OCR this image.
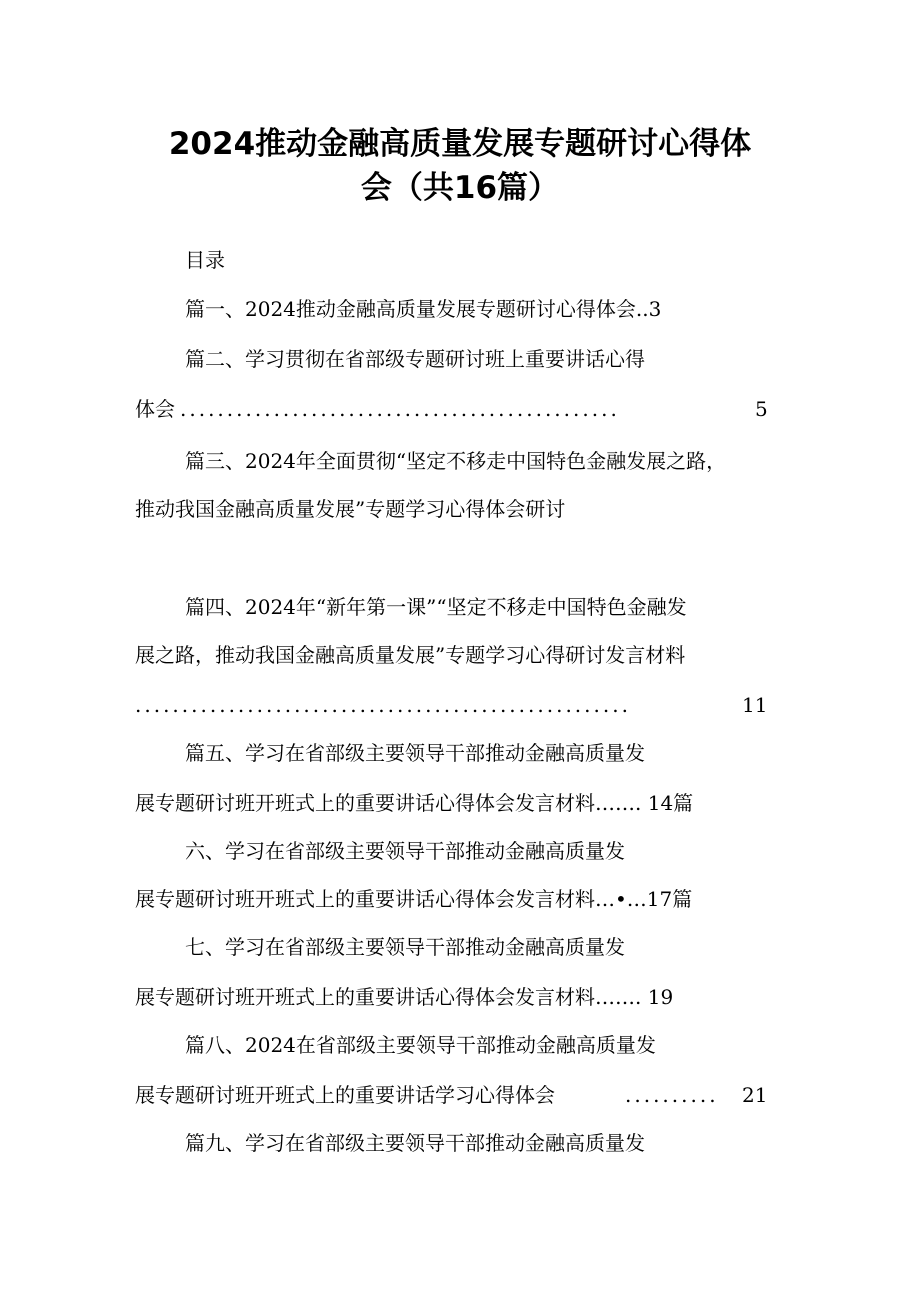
2024推动金融高质量发展专题研讨心得体
会（共16篇）
目录
篇一、2024推动金融高质量发展专题研讨心得体会..3
篇二、学习贯彻在省部级专题研讨班上重要讲话心得
体会 ...............................................	5
篇三、2024年全面贯彻“坚定不移走中国特色金融发展之路，
推动我国金融高质量发展”专题学习心得体会研讨
篇四、2024年“新年第一课”“坚定不移走中国特色金融发
展之路，推动我国金融高质量发展”专题学习心得研讨发言材料
.....................................................	11
篇五、学习在省部级主要领导干部推动金融高质量发
展专题研讨班开班式上的重要讲话心得体会发言材料……. 14篇
六、学习在省部级主要领导干部推动金融高质量发
展专题研讨班开班式上的重要讲话心得体会发言材料…•…17篇
七、学习在省部级主要领导干部推动金融高质量发
展专题研讨班开班式上的重要讲话心得体会发言材料……. 19
篇八、2024在省部级主要领导干部推动金融高质量发
展专题研讨班开班式上的重要讲话学习心得体会	..........	21
篇九、学习在省部级主要领导干部推动金融高质量发
